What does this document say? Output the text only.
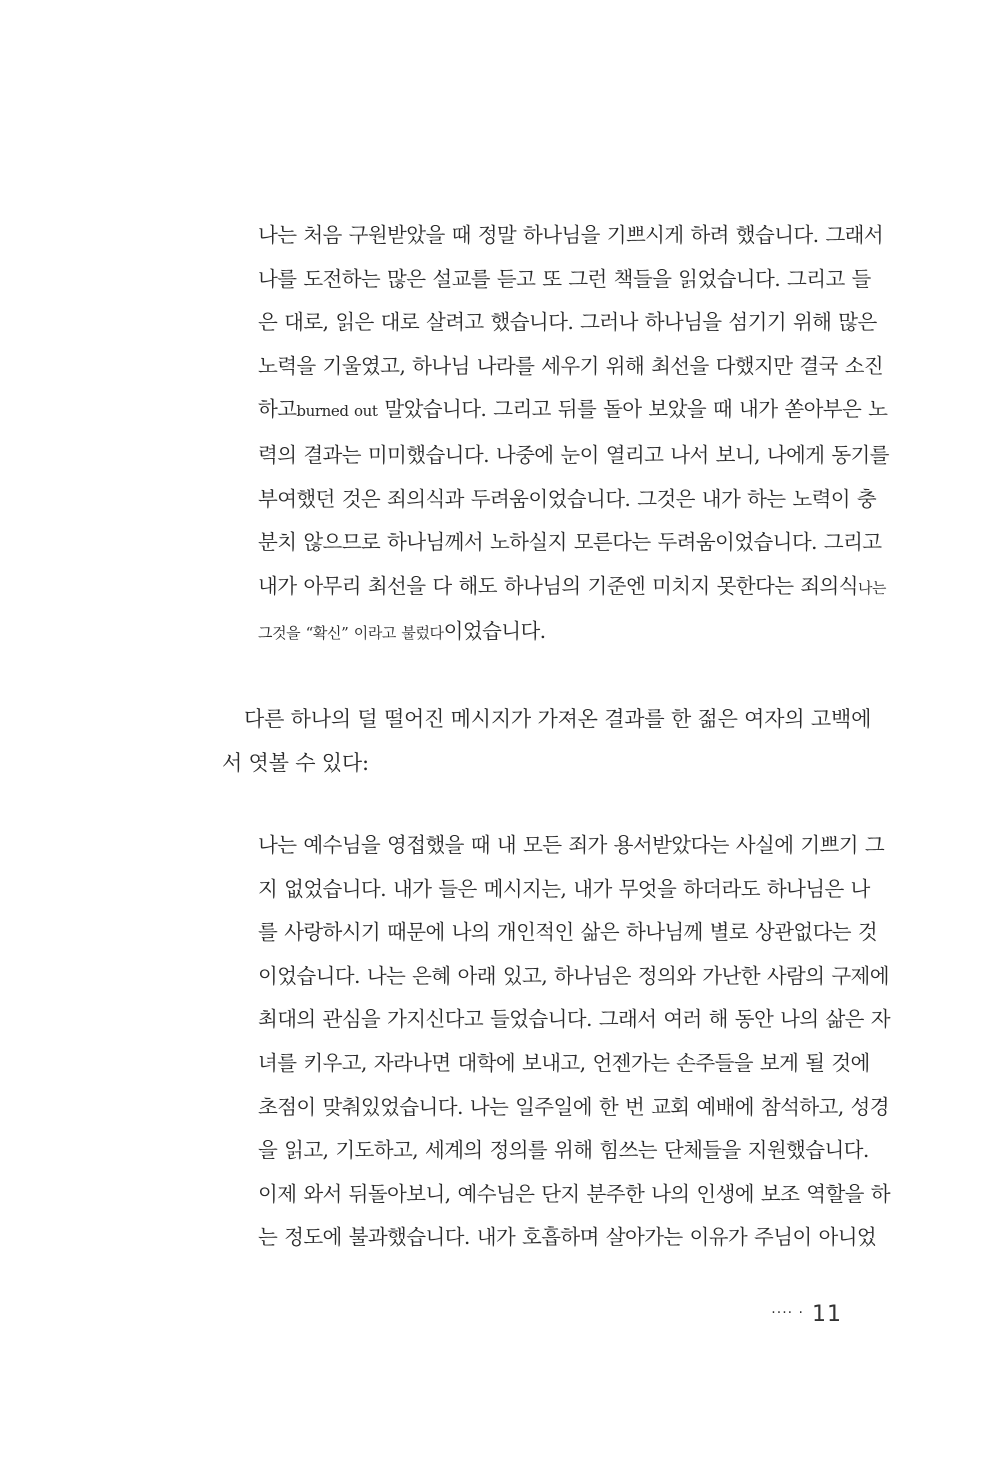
나는 처음 구원받았을 때 정말 하나님을 기쁘시게 하려 했습니다. 그래서
나를 도전하는 많은 설교를 듣고 또 그런 책들을 읽었습니다. 그리고 들
은 대로, 읽은 대로 살려고 했습니다. 그러나 하나님을 섬기기 위해 많은
노력을 기울였고, 하나님 나라를 세우기 위해 최선을 다했지만 결국 소진
하고burned out 말았습니다. 그리고 뒤를 돌아 보았을 때 내가 쏟아부은 노
력의 결과는 미미했습니다. 나중에 눈이 열리고 나서 보니, 나에게 동기를
부여했던 것은 죄의식과 두려움이었습니다. 그것은 내가 하는 노력이 충
분치 않으므로 하나님께서 노하실지 모른다는 두려움이었습니다. 그리고
내가 아무리 최선을 다 해도 하나님의 기준엔 미치지 못한다는 죄의식나는
그것을 “확신” 이라고 불렀다이었습니다.
다른 하나의 덜 떨어진 메시지가 가져온 결과를 한 젊은 여자의 고백에
서 엿볼 수 있다:
나는 예수님을 영접했을 때 내 모든 죄가 용서받았다는 사실에 기쁘기 그
지 없었습니다. 내가 들은 메시지는, 내가 무엇을 하더라도 하나님은 나
를 사랑하시기 때문에 나의 개인적인 삶은 하나님께 별로 상관없다는 것
이었습니다. 나는 은혜 아래 있고, 하나님은 정의와 가난한 사람의 구제에
최대의 관심을 가지신다고 들었습니다. 그래서 여러 해 동안 나의 삶은 자
녀를 키우고, 자라나면 대학에 보내고, 언젠가는 손주들을 보게 될 것에
초점이 맞춰있었습니다. 나는 일주일에 한 번 교회 예배에 참석하고, 성경
을 읽고, 기도하고, 세계의 정의를 위해 힘쓰는 단체들을 지원했습니다.
이제 와서 뒤돌아보니, 예수님은 단지 분주한 나의 인생에 보조 역할을 하
는 정도에 불과했습니다. 내가 호흡하며 살아가는 이유가 주님이 아니었
···· · 11
